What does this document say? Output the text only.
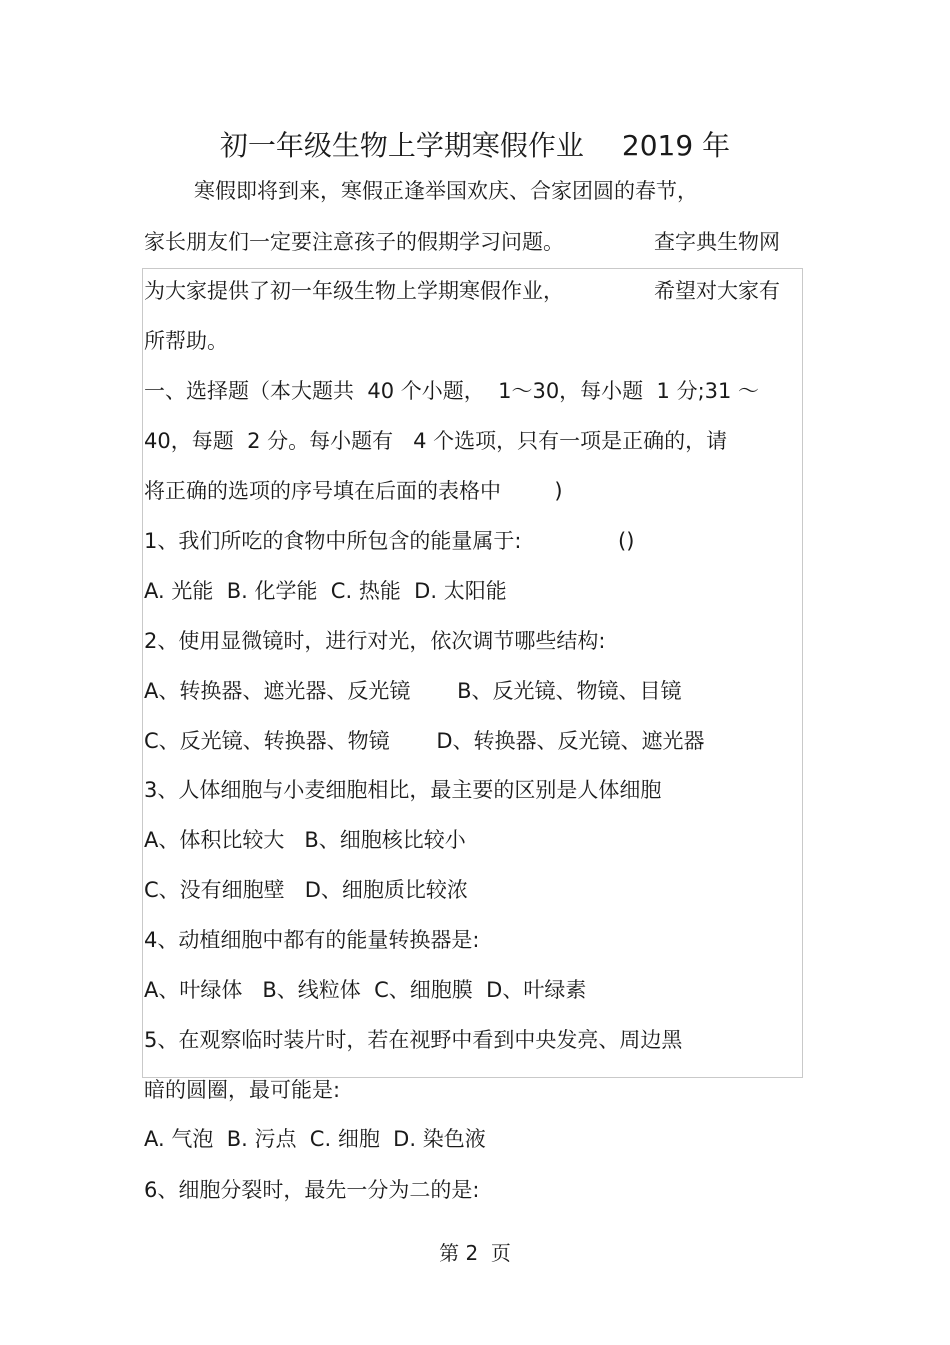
初一年级生物上学期寒假作业 2019 年
寒假即将到来，寒假正逢举国欢庆、合家团圆的春节，
家长朋友们一定要注意孩子的假期学习问题。	查字典生物网
为大家提供了初一年级生物上学期寒假作业，	希望对大家有
所帮助。
一、选择题（本大题共  40 个小题，  1～30，每小题  1 分;31 ～
40，每题  2 分。每小题有   4 个选项，只有一项是正确的，请
将正确的选项的序号填在后面的表格中        )
1、我们所吃的食物中所包含的能量属于:	()
A. 光能  B. 化学能  C. 热能  D. 太阳能
2、使用显微镜时，进行对光，依次调节哪些结构:
A、转换器、遮光器、反光镜       B、反光镜、物镜、目镜
C、反光镜、转换器、物镜       D、转换器、反光镜、遮光器
3、人体细胞与小麦细胞相比，最主要的区别是人体细胞
A、体积比较大   B、细胞核比较小
C、没有细胞壁   D、细胞质比较浓
4、动植细胞中都有的能量转换器是:
A、叶绿体   B、线粒体  C、细胞膜  D、叶绿素
5、在观察临时装片时，若在视野中看到中央发亮、周边黑
暗的圆圈，最可能是:
A. 气泡  B. 污点  C. 细胞  D. 染色液
6、细胞分裂时，最先一分为二的是:
第 2  页
